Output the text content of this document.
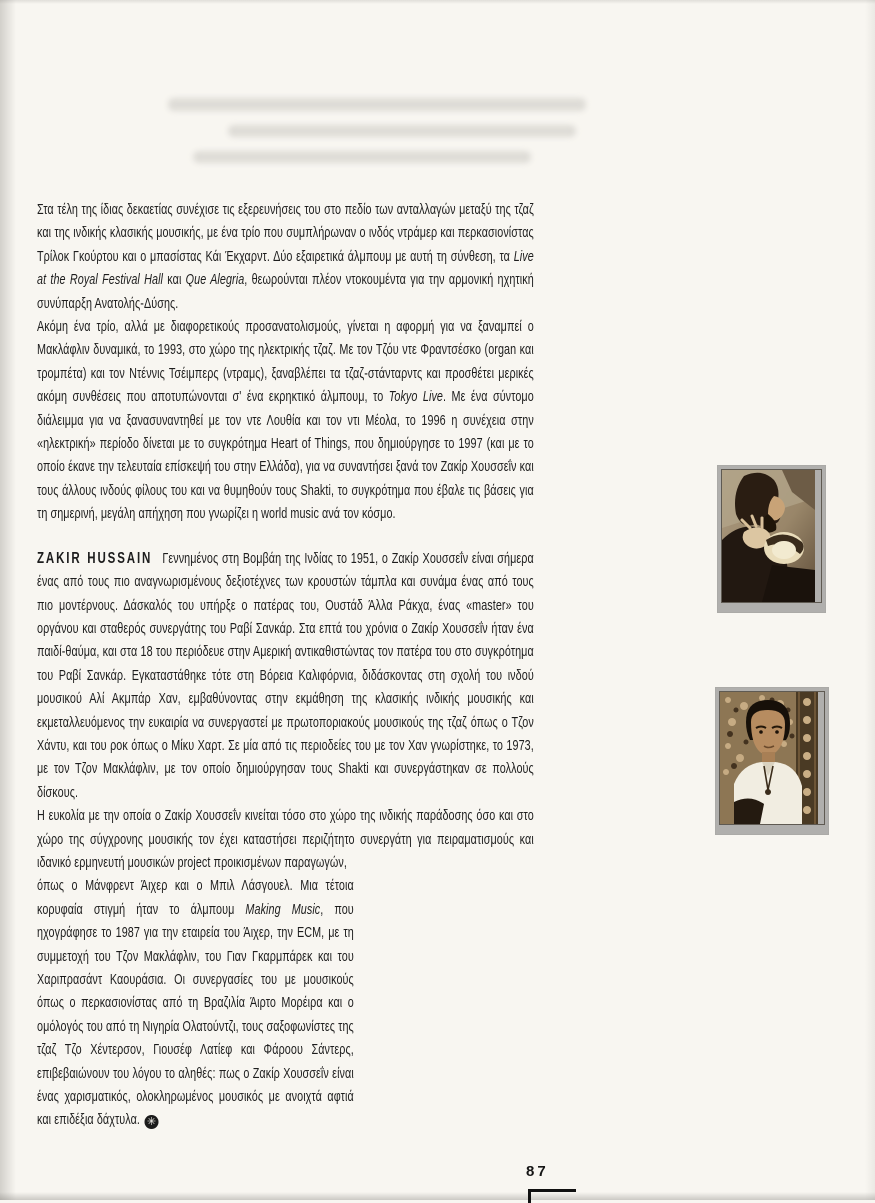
Στα τέλη της ίδιας δεκαετίας συνέχισε τις εξερευνήσεις του στο πεδίο των ανταλλαγών μεταξύ της τζαζ και της ινδικής κλασικής μουσικής, με ένα τρίο που συμπλήρωναν ο ινδός ντράμερ και περκασιονίστας Τρίλοκ Γκούρτου και ο μπασίστας Κάι Έκχαρντ. Δύο εξαιρετικά άλμπουμ με αυτή τη σύνθεση, τα Live at the Royal Festival Hall και Que Alegria, θεωρούνται πλέον ντοκουμέντα για την αρμονική ηχητική συνύπαρξη Ανατολής-Δύσης.

Ακόμη ένα τρίο, αλλά με διαφορετικούς προσανατολισμούς, γίνεται η αφορμή για να ξαναμπεί ο Μακλάφλιν δυναμικά, το 1993, στο χώρο της ηλεκτρικής τζαζ. Με τον Τζόυ ντε Φραντσέσκο (organ και τρομπέτα) και τον Ντέννις Τσέιμπερς (ντραμς), ξαναβλέπει τα τζαζ-στάνταρντς και προσθέτει μερικές ακόμη συνθέσεις που αποτυπώνονται σ' ένα εκρηκτικό άλμπουμ, το Tokyo Live. Με ένα σύντομο διάλειμμα για να ξανασυναντηθεί με τον ντε Λουθία και τον ντι Μέολα, το 1996 η συνέχεια στην «ηλεκτρική» περίοδο δίνεται με το συγκρότημα Heart of Things, που δημιούργησε το 1997 (και με το οποίο έκανε την τελευταία επίσκεψή του στην Ελλάδα), για να συναντήσει ξανά τον Ζακίρ Χουσσεΐν και τους άλλους ινδούς φίλους του και να θυμηθούν τους Shakti, το συγκρότημα που έβαλε τις βάσεις για τη σημερινή, μεγάλη απήχηση που γνωρίζει η world music ανά τον κόσμο.

ZAKIR HUSSAIN Γεννημένος στη Βομβάη της Ινδίας το 1951, ο Ζακίρ Χουσσεΐν είναι σήμερα ένας από τους πιο αναγνωρισμένους δεξιοτέχνες των κρουστών τάμπλα και συνάμα ένας από τους πιο μοντέρνους. Δάσκαλός του υπήρξε ο πατέρας του, Ουστάδ Άλλα Ράκχα, ένας «master» του οργάνου και σταθερός συνεργάτης του Ραβί Σανκάρ. Στα επτά του χρόνια ο Ζακίρ Χουσσεΐν ήταν ένα παιδί-θαύμα, και στα 18 του περιόδευε στην Αμερική αντικαθιστώντας τον πατέρα του στο συγκρότημα του Ραβί Σανκάρ. Εγκαταστάθηκε τότε στη Βόρεια Καλιφόρνια, διδάσκοντας στη σχολή του ινδού μουσικού Αλί Ακμπάρ Χαν, εμβαθύνοντας στην εκμάθηση της κλασικής ινδικής μουσικής και εκμεταλλευόμενος την ευκαιρία να συνεργαστεί με πρωτοποριακούς μουσικούς της τζαζ όπως ο Τζον Χάντυ, και του ροκ όπως ο Μίκυ Χαρτ. Σε μία από τις περιοδείες του με τον Χαν γνωρίστηκε, το 1973, με τον Τζον Μακλάφλιν, με τον οποίο δημιούργησαν τους Shakti και συνεργάστηκαν σε πολλούς δίσκους.

Η ευκολία με την οποία ο Ζακίρ Χουσσεΐν κινείται τόσο στο χώρο της ινδικής παράδοσης όσο και στο χώρο της σύγχρονης μουσικής τον έχει καταστήσει περιζήτητο συνεργάτη για πειραματισμούς και ιδανικό ερμηνευτή μουσικών project προικισμένων παραγωγών,

όπως ο Μάνφρεντ Άιχερ και ο Μπιλ Λάσγουελ. Μια τέτοια κορυφαία στιγμή ήταν το άλμπουμ Making Music, που ηχογράφησε το 1987 για την εταιρεία του Άιχερ, την ECM, με τη συμμετοχή του Τζον Μακλάφλιν, του Γιαν Γκαρμπάρεκ και του Χαριπρασάντ Καουράσια. Οι συνεργασίες του με μουσικούς όπως ο περκασιονίστας από τη Βραζιλία Άιρτο Μορέιρα και ο ομόλογός του από τη Νιγηρία Ολατούντζι, τους σαξοφωνίστες της τζαζ Τζο Χέντερσον, Γιουσέφ Λατίεφ και Φάροου Σάντερς, επιβεβαιώνουν του λόγου το αληθές: πως ο Ζακίρ Χουσσεΐν είναι ένας χαρισματικός, ολοκληρωμένος μουσικός με ανοιχτά αφτιά και επιδέξια δάχτυλα. ✳

87
